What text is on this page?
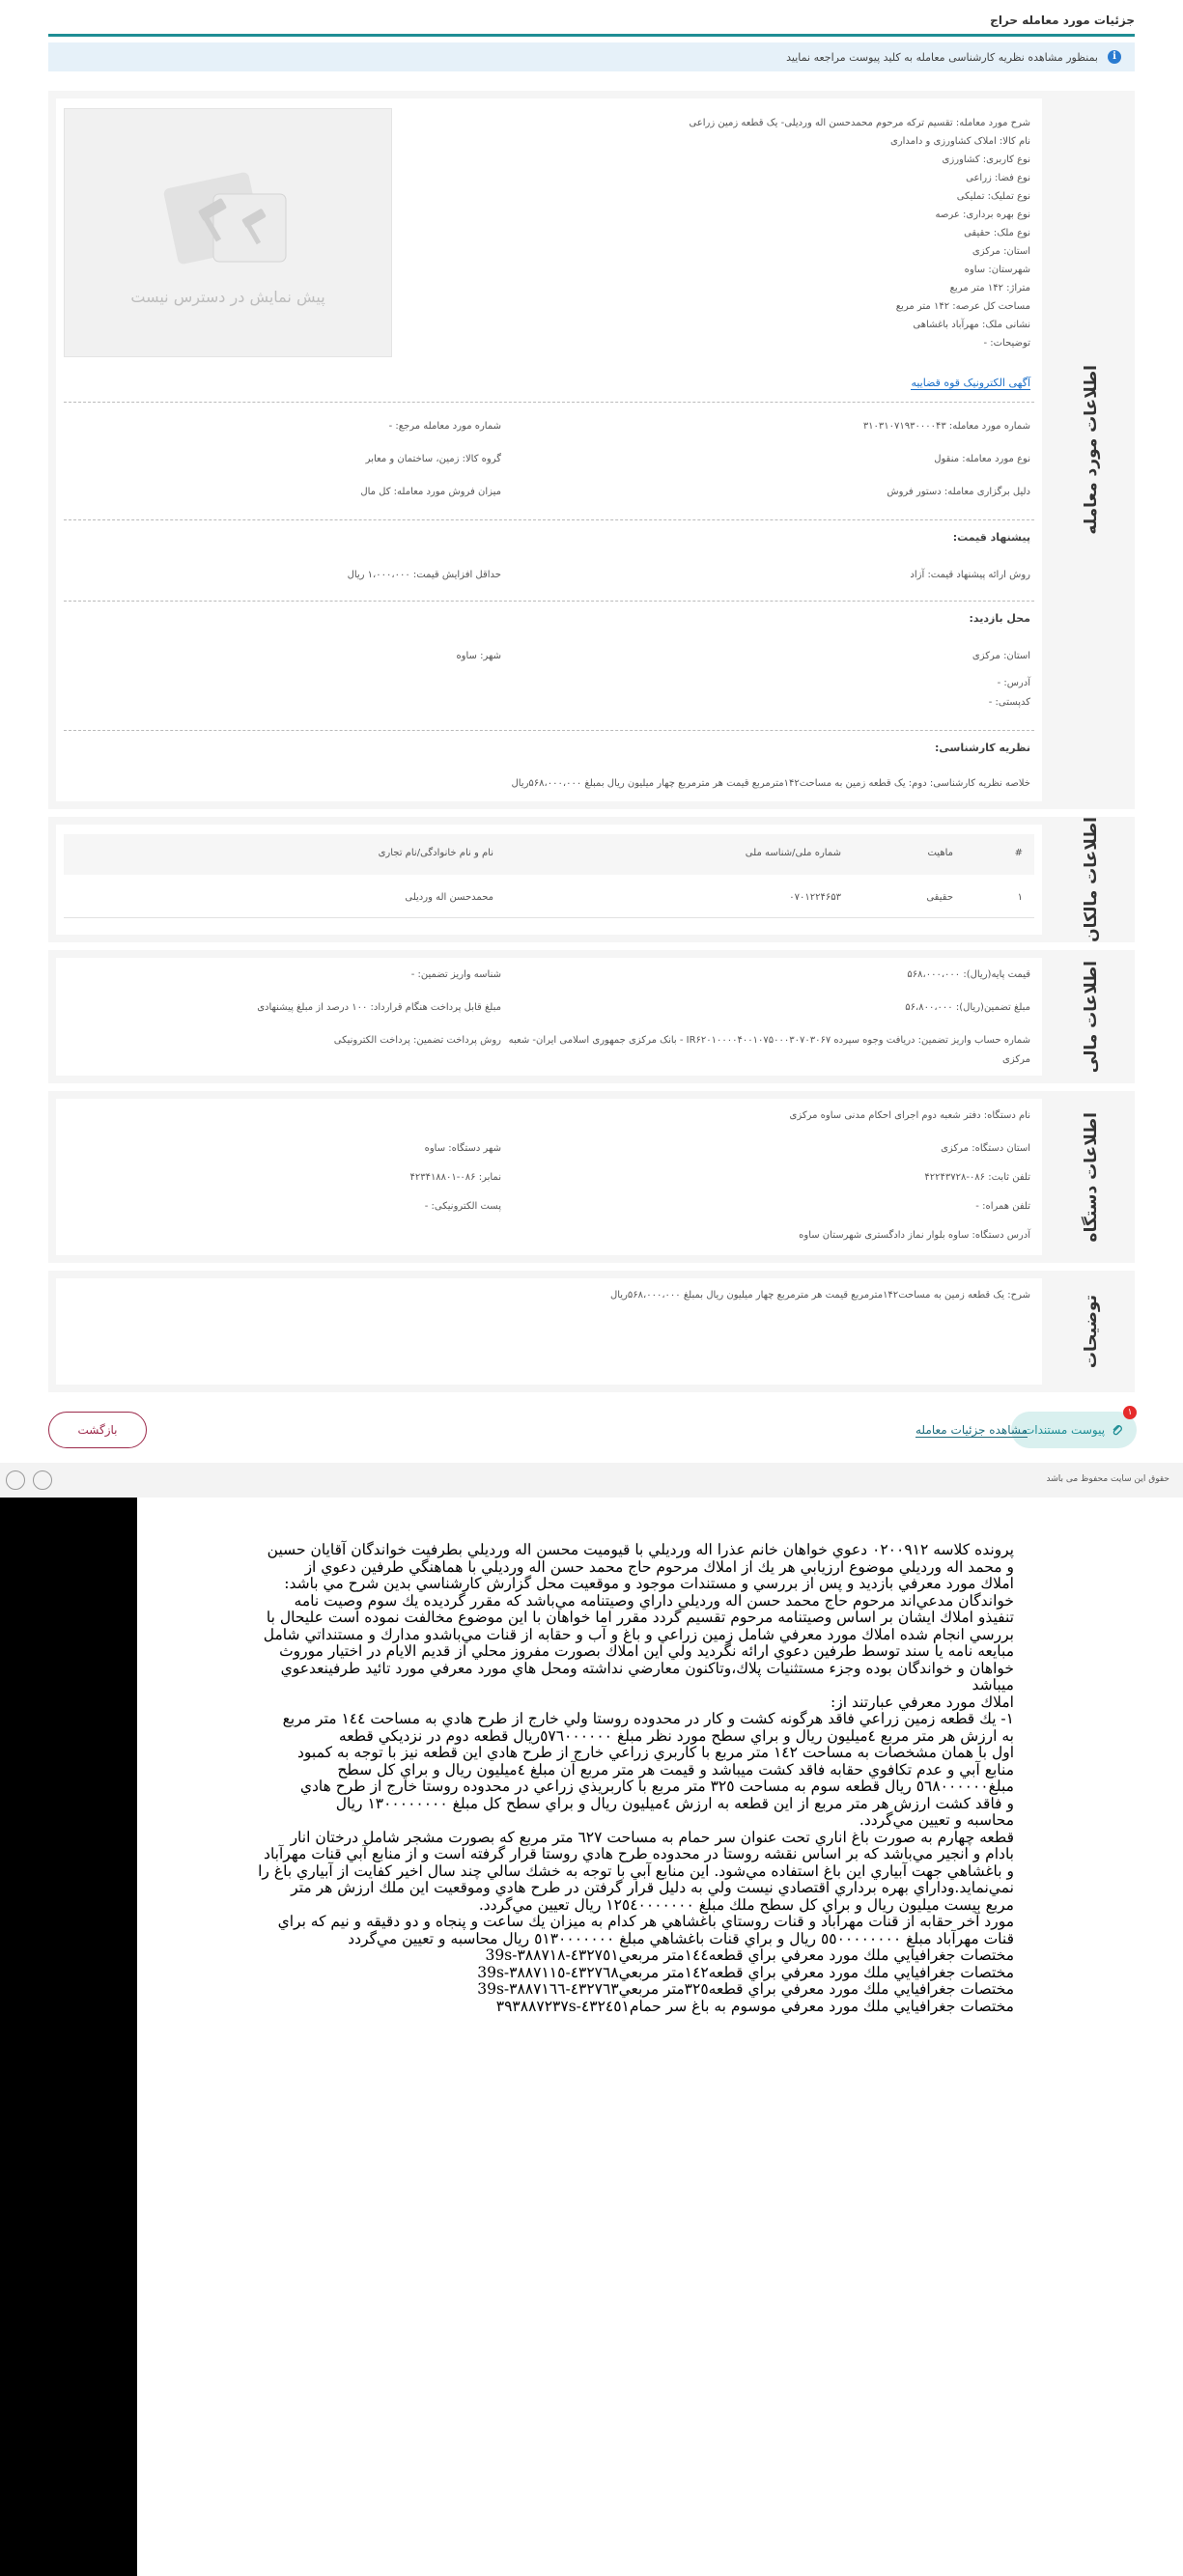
جزئیات مورد معامله حراج
i
بمنظور مشاهده نظریه کارشناسی معامله به کلید پیوست مراجعه نمایید
اطلاعات مورد معامله
شرح مورد معامله: تقسیم ترکه مرحوم محمدحسن اله وردیلی- یک قطعه زمین زراعی
نام کالا: املاک کشاورزی و دامداری
نوع کاربری: کشاورزی
نوع فضا: زراعی
نوع تملیک: تملیکی
نوع بهره برداری: عرصه
نوع ملک: حقیقی
استان: مرکزی
شهرستان: ساوه
متراژ: ۱۴۲ متر مربع
مساحت کل عرصه: ۱۴۲ متر مربع
نشانی ملک: مهرآباد باغشاهی
توضیحات: -
پیش نمایش در دسترس نیست
آگهی الکترونیک قوه قضاییه
شماره مورد معامله: ۳۱۰۳۱۰۷۱۹۳۰۰۰۰۴۳
شماره مورد معامله مرجع: -
نوع مورد معامله: منقول
گروه کالا: زمین، ساختمان و معابر
دلیل برگزاری معامله: دستور فروش
میزان فروش مورد معامله: کل مال
پیشنهاد قیمت:
روش ارائه پیشنهاد قیمت: آزاد
حداقل افزایش قیمت: ۱،۰۰۰،۰۰۰ ریال
محل بازدید:
استان: مرکزی
شهر: ساوه
آدرس: -
کدپستی: -
نظریه کارشناسی:
خلاصه نظریه کارشناسی: دوم: یک قطعه زمین به مساحت۱۴۲مترمربع قیمت هر مترمربع چهار میلیون ریال بمبلغ ۵۶۸،۰۰۰،۰۰۰ریال
اطلاعات مالکان
#
ماهیت
شماره ملی/شناسه ملی
نام و نام خانوادگی/نام تجاری
۱
حقیقی
۰۷۰۱۲۲۴۶۵۳
محمدحسن اله وردیلی
اطلاعات مالی
قیمت پایه(ریال): ۵۶۸،۰۰۰،۰۰۰
شناسه واریز تضمین: -
مبلغ تضمین(ریال): ۵۶،۸۰۰،۰۰۰
مبلغ قابل پرداخت هنگام قرارداد: ۱۰۰ درصد از مبلغ پیشنهادی
شماره حساب واریز تضمین: دریافت وجوه سپرده IR۶۲۰۱۰۰۰۰۴۰۰۱۰۷۵۰۰۰۳۰۷۰۳۰۶۷ - بانک مرکزی جمهوری اسلامی ایران- شعبه
مرکزی
روش پرداخت تضمین: پرداخت الکترونیکی
اطلاعات دستگاه
نام دستگاه: دفتر شعبه دوم اجرای احکام مدنی ساوه مرکزی
استان دستگاه: مرکزی
شهر دستگاه: ساوه
تلفن ثابت: ۰۸۶-۴۲۲۴۳۷۲۸
نمابر: ۰۸۶-۴۲۳۴۱۸۸۰۱
تلفن همراه: -
پست الکترونیکی: -
آدرس دستگاه: ساوه بلوار نماز دادگستری شهرستان ساوه
توضیحات
شرح: یک قطعه زمین به مساحت۱۴۲مترمربع قیمت هر مترمربع چهار میلیون ریال بمبلغ ۵۶۸،۰۰۰،۰۰۰ریال
۱
پیوست مستندات
مشاهده جزئیات معامله
بازگشت
حقوق این سایت محفوظ می باشد

پرونده كلاسه ٠٢٠٠٩١٢ دعوي خواهان خانم عذرا اله ورديلي با قيوميت محسن اله ورديلي بطرفيت خواندگان آقايان حسين

و محمد اله ورديلي موضوع ارزيابي هر يك از املاك مرحوم حاج محمد حسن اله ورديلي با هماهنگي طرفين دعوي از

املاك مورد معرفي بازديد و پس از بررسي و مستندات موجود و موقعيت محل گزارش كارشناسي بدين شرح مي باشد:

خواندگان مدعي‌اند مرحوم حاج محمد حسن اله ورديلي داراي وصيتنامه مي‌باشد كه مقرر گرديده يك سوم وصيت نامه

تنفيذو املاك ايشان بر اساس وصيتنامه مرحوم تقسيم گردد مقرر اما خواهان با اين موضوع مخالفت نموده است عليحال با

بررسي انجام شده املاك مورد معرفي شامل زمين زراعي و باغ و آب و حقابه از قنات مي‌باشدو مدارك و مستنداتي شامل

مبايعه نامه يا سند توسط طرفين دعوي ارائه نگرديد ولي اين املاك بصورت مفروز محلي از قديم الايام در اختيار موروث

خواهان و خواندگان بوده وجزء مستثنيات پلاك،وتاكنون معارضي نداشته ومحل هاي مورد معرفي مورد تائيد طرفينعدعوي

ميباشد

املاك مورد معرفي عبارتند از:

١- يك قطعه زمين زراعي فاقد هرگونه كشت و كار در محدوده روستا ولي خارج از طرح هادي به مساحت ١٤٤ متر مربع

به ارزش هر متر مربع ٤ميليون ريال و براي سطح مورد نظر مبلغ ٥٧٦٠٠٠٠٠٠ريال قطعه دوم در نزديكي قطعه

اول با همان مشخصات به مساحت ١٤٢ متر مربع با كاربري زراعي خارج از طرح هادي اين قطعه نيز با توجه به كمبود

منابع آبي و عدم تكافوي حقابه فاقد كشت ميباشد و قيمت هر متر مربع آن مبلغ ٤ميليون ريال و براي كل سطح

مبلغ٥٦٨٠٠٠٠٠٠ ريال قطعه سوم به مساحت ٣٢٥ متر مربع با كاربريذي زراعي در محدوده روستا خارج از طرح هادي

و فاقد كشت ارزش هر متر مربع از اين قطعه به ارزش ٤ميليون ريال و براي سطح كل مبلغ ١٣٠٠٠٠٠٠٠٠ ريال

محاسبه و تعيين مي‌گردد.

قطعه چهارم به صورت باغ اناري تحت عنوان سر حمام به مساحت ٦٢٧ متر مربع كه بصورت مشجر شامل درختان انار

بادام و انجير مي‌باشد كه بر اساس نقشه روستا در محدوده طرح هادي روستا قرار گرفته است و از منابع آبي قنات مهرآباد

و باغشاهي جهت آبياري اين باغ استفاده مي‌شود. اين منابع آبي با توجه به خشك سالي چند سال اخير كفايت از آبياري باغ را

نمي‌نمايد.وداراي بهره برداري اقتصادي نيست ولي به دليل قرار گرفتن در طرح هادي وموقعيت اين ملك ارزش هر متر

مربع بيست ميليون ريال و براي كل سطح ملك مبلغ ١٢٥٤٠٠٠٠٠٠٠ ريال تعيين مي‌گردد.

مورد آخر حقابه از قنات مهرآباد و قنات روستاي باغشاهي هر كدام به ميزان يك ساعت و پنجاه و دو دقيقه و نيم كه براي

قنات مهرآباد مبلغ ٥٥٠٠٠٠٠٠٠٠ ريال و براي قنات باغشاهي مبلغ ٥١٣٠٠٠٠٠٠٠ ريال محاسبه و تعيين مي‌گردد

مختصات جغرافيايي ملك مورد معرفي براي قطعه١٤٤متر مربعي٤٣٢٧٥١-٣٨٨٧١٨-39s

مختصات جغرافيايي ملك مورد معرفي براي قطعه١٤٢متر مربعي٤٣٢٧٦٨-٣٨٨٧١١٥-39s

مختصات جغرافيايي ملك مورد معرفي براي قطعه٣٢٥متر مربعي٤٣٢٧٦٣-٣٨٨٧١٦٦-39s

مختصات جغرافيايي ملك مورد معرفي موسوم به باغ سر حمام٤٣٢٤٥١-٣٩٣٨٨٧٢٣٧s
